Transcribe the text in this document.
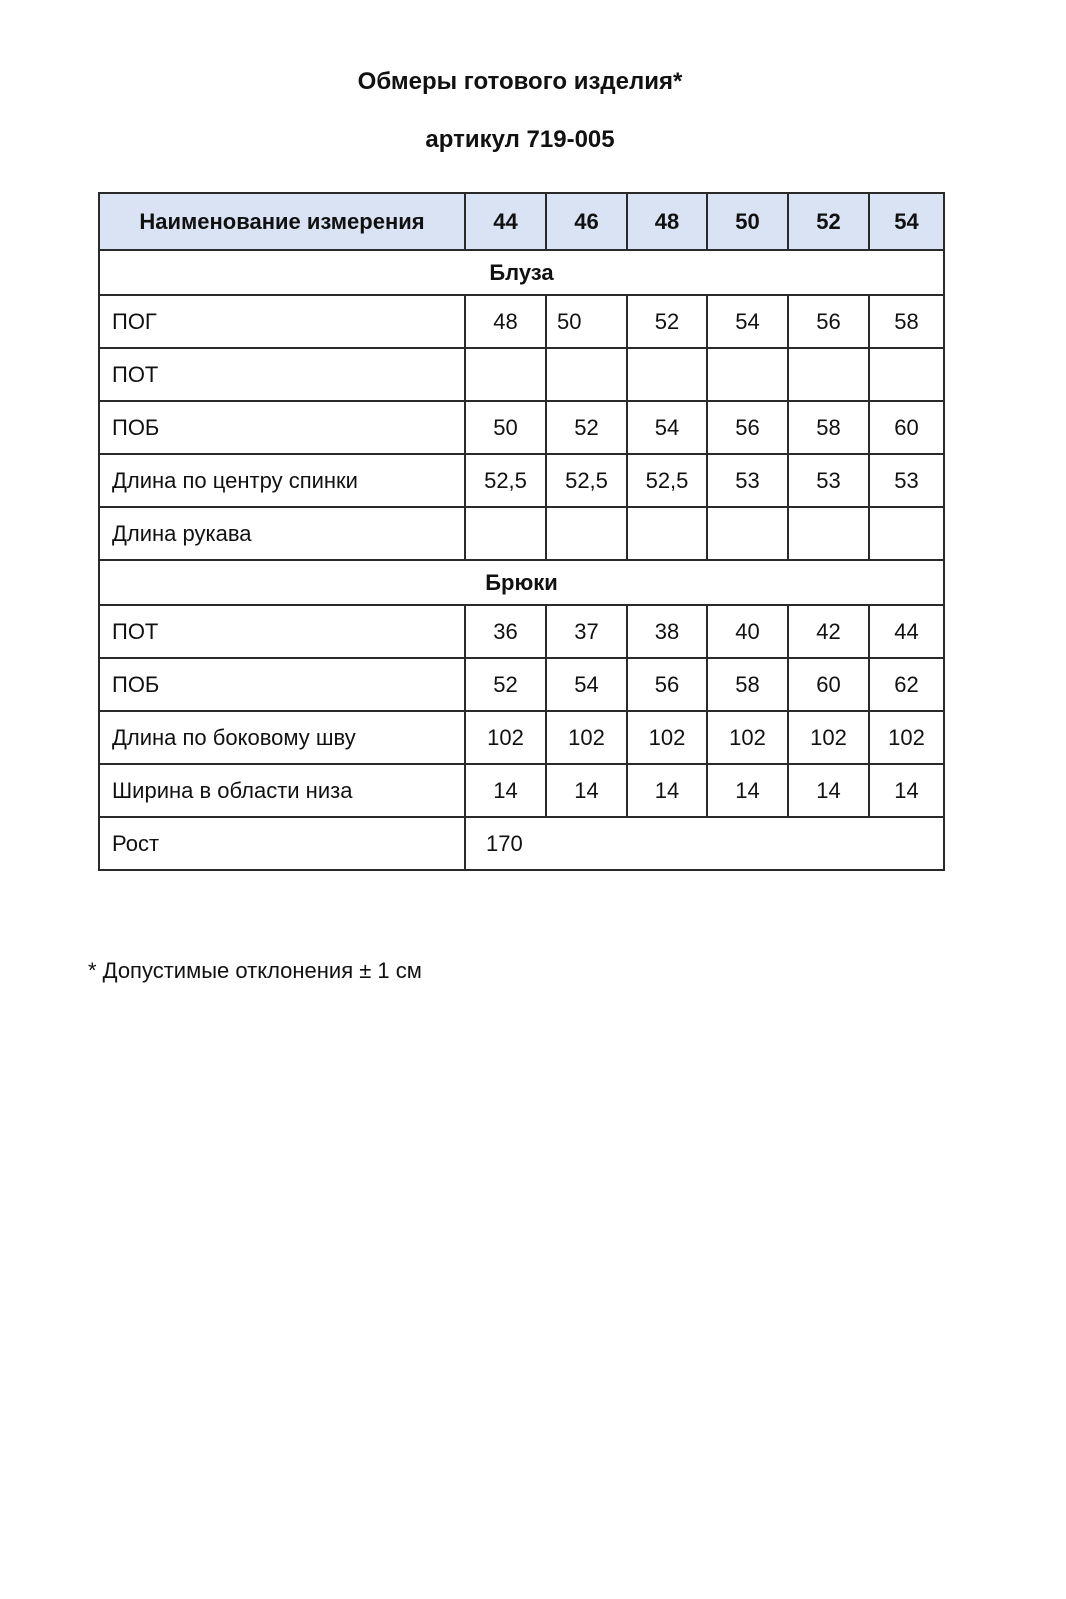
Обмеры готового изделия*
артикул 719-005
Наименование измерения	44	46	48	50	52	54
Блуза						
ПОГ	48	50	52	54	56	58
ПОТ						
ПОБ	50	52	54	56	58	60
Длина по центру спинки	52,5	52,5	52,5	53	53	53
Длина рукава						
Брюки						
ПОТ	36	37	38	40	42	44
ПОБ	52	54	56	58	60	62
Длина по боковому шву	102	102	102	102	102	102
Ширина в области низа	14	14	14	14	14	14
Рост	170					

* Допустимые отклонения ± 1 см
